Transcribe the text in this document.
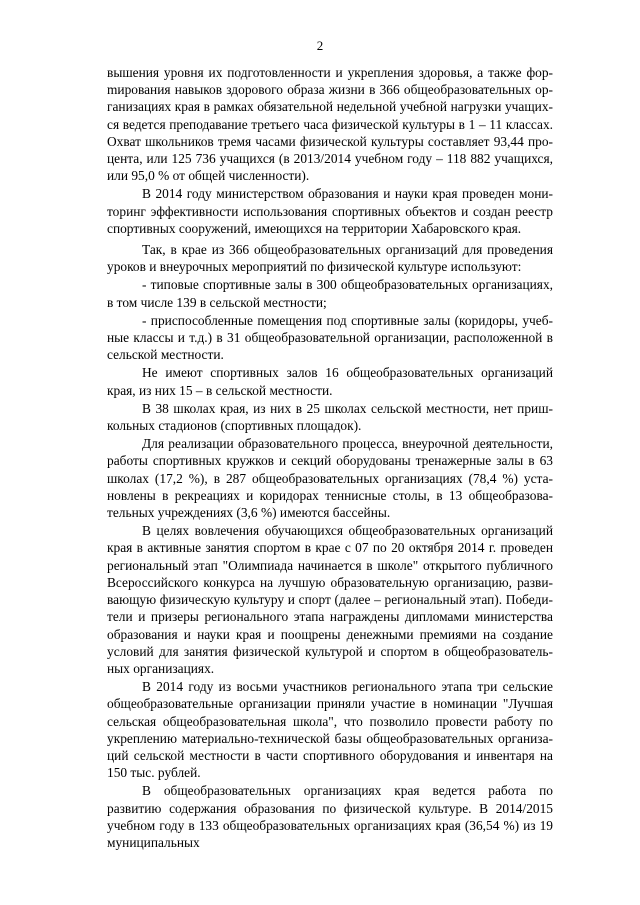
2

вышения уровня их подготовленности и укрепления здоровья, а также форmирования навыков здорового образа жизни в 366 общеобразовательных организациях края в рамках обязательной недельной учебной нагрузки учащихся ведется преподавание третьего часа физической культуры в 1 – 11 классах. Охват школьников тремя часами физической культуры составляет 93,44 процента, или 125 736 учащихся (в 2013/2014 учебном году – 118 882 учащихся, или 95,0 % от общей численности).

В 2014 году министерством образования и науки края проведен мониторинг эффективности использования спортивных объектов и создан реестр спортивных сооружений, имеющихся на территории Хабаровского края.

Так, в крае из 366 общеобразовательных организаций для проведения уроков и внеурочных мероприятий по физической культуре используют:

- типовые спортивные залы в 300 общеобразовательных организациях, в том числе 139 в сельской местности;

- приспособленные помещения под спортивные залы (коридоры, учебные классы и т.д.) в 31 общеобразовательной организации, расположенной в сельской местности.

Не имеют спортивных залов 16 общеобразовательных организаций края, из них 15 – в сельской местности.

В 38 школах края, из них в 25 школах сельской местности, нет пришкольных стадионов (спортивных площадок).

Для реализации образовательного процесса, внеурочной деятельности, работы спортивных кружков и секций оборудованы тренажерные залы в 63 школах (17,2 %), в 287 общеобразовательных организациях (78,4 %) установлены в рекреациях и коридорах теннисные столы, в 13 общеобразовательных учреждениях (3,6 %) имеются бассейны.

В целях вовлечения обучающихся общеобразовательных организаций края в активные занятия спортом в крае с 07 по 20 октября 2014 г. проведен региональный этап "Олимпиада начинается в школе" открытого публичного Всероссийского конкурса на лучшую образовательную организацию, развивающую физическую культуру и спорт (далее – региональный этап). Победители и призеры регионального этапа награждены дипломами министерства образования и науки края и поощрены денежными премиями на создание условий для занятия физической культурой и спортом в общеобразовательных организациях.

В 2014 году из восьми участников регионального этапа три сельские общеобразовательные организации приняли участие в номинации "Лучшая сельская общеобразовательная школа", что позволило провести работу по укреплению материально-технической базы общеобразовательных организаций сельской местности в части спортивного оборудования и инвентаря на 150 тыс. рублей.

В общеобразовательных организациях края ведется работа по развитию содержания образования по физической культуре. В 2014/2015 учебном году в 133 общеобразовательных организациях края (36,54 %) из 19 муниципальных
